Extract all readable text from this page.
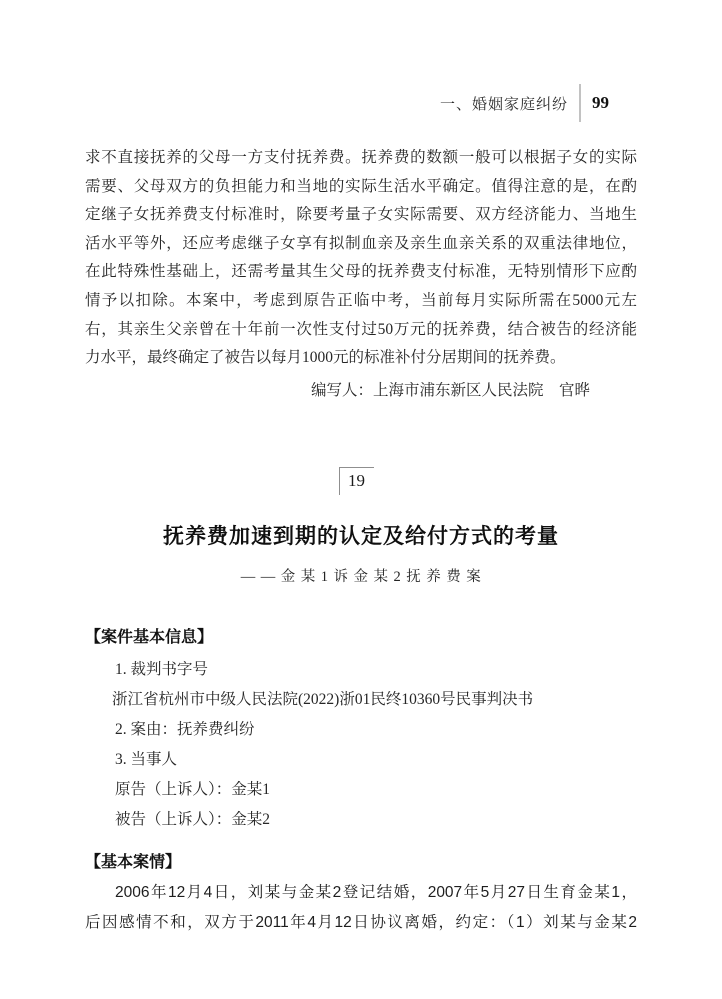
一、婚姻家庭纠纷 99
求不直接抚养的父母一方支付抚养费。抚养费的数额一般可以根据子女的实际
需要、父母双方的负担能力和当地的实际生活水平确定。值得注意的是，在酌
定继子女抚养费支付标准时，除要考量子女实际需要、双方经济能力、当地生
活水平等外，还应考虑继子女享有拟制血亲及亲生血亲关系的双重法律地位，
在此特殊性基础上，还需考量其生父母的抚养费支付标准，无特别情形下应酌
情予以扣除。本案中，考虑到原告正临中考，当前每月实际所需在5000元左
右，其亲生父亲曾在十年前一次性支付过50万元的抚养费，结合被告的经济能
力水平，最终确定了被告以每月1000元的标准补付分居期间的抚养费。
编写人：上海市浦东新区人民法院　官晔
19
抚养费加速到期的认定及给付方式的考量
——金某1诉金某2抚养费案
【案件基本信息】
1. 裁判书字号
浙江省杭州市中级人民法院(2022)浙01民终10360号民事判决书
2. 案由：抚养费纠纷
3. 当事人
原告（上诉人）：金某1
被告（上诉人）：金某2
【基本案情】
2006年12月4日，刘某与金某2登记结婚，2007年5月27日生育金某1，
后因感情不和，双方于2011年4月12日协议离婚，约定：（1）刘某与金某2
